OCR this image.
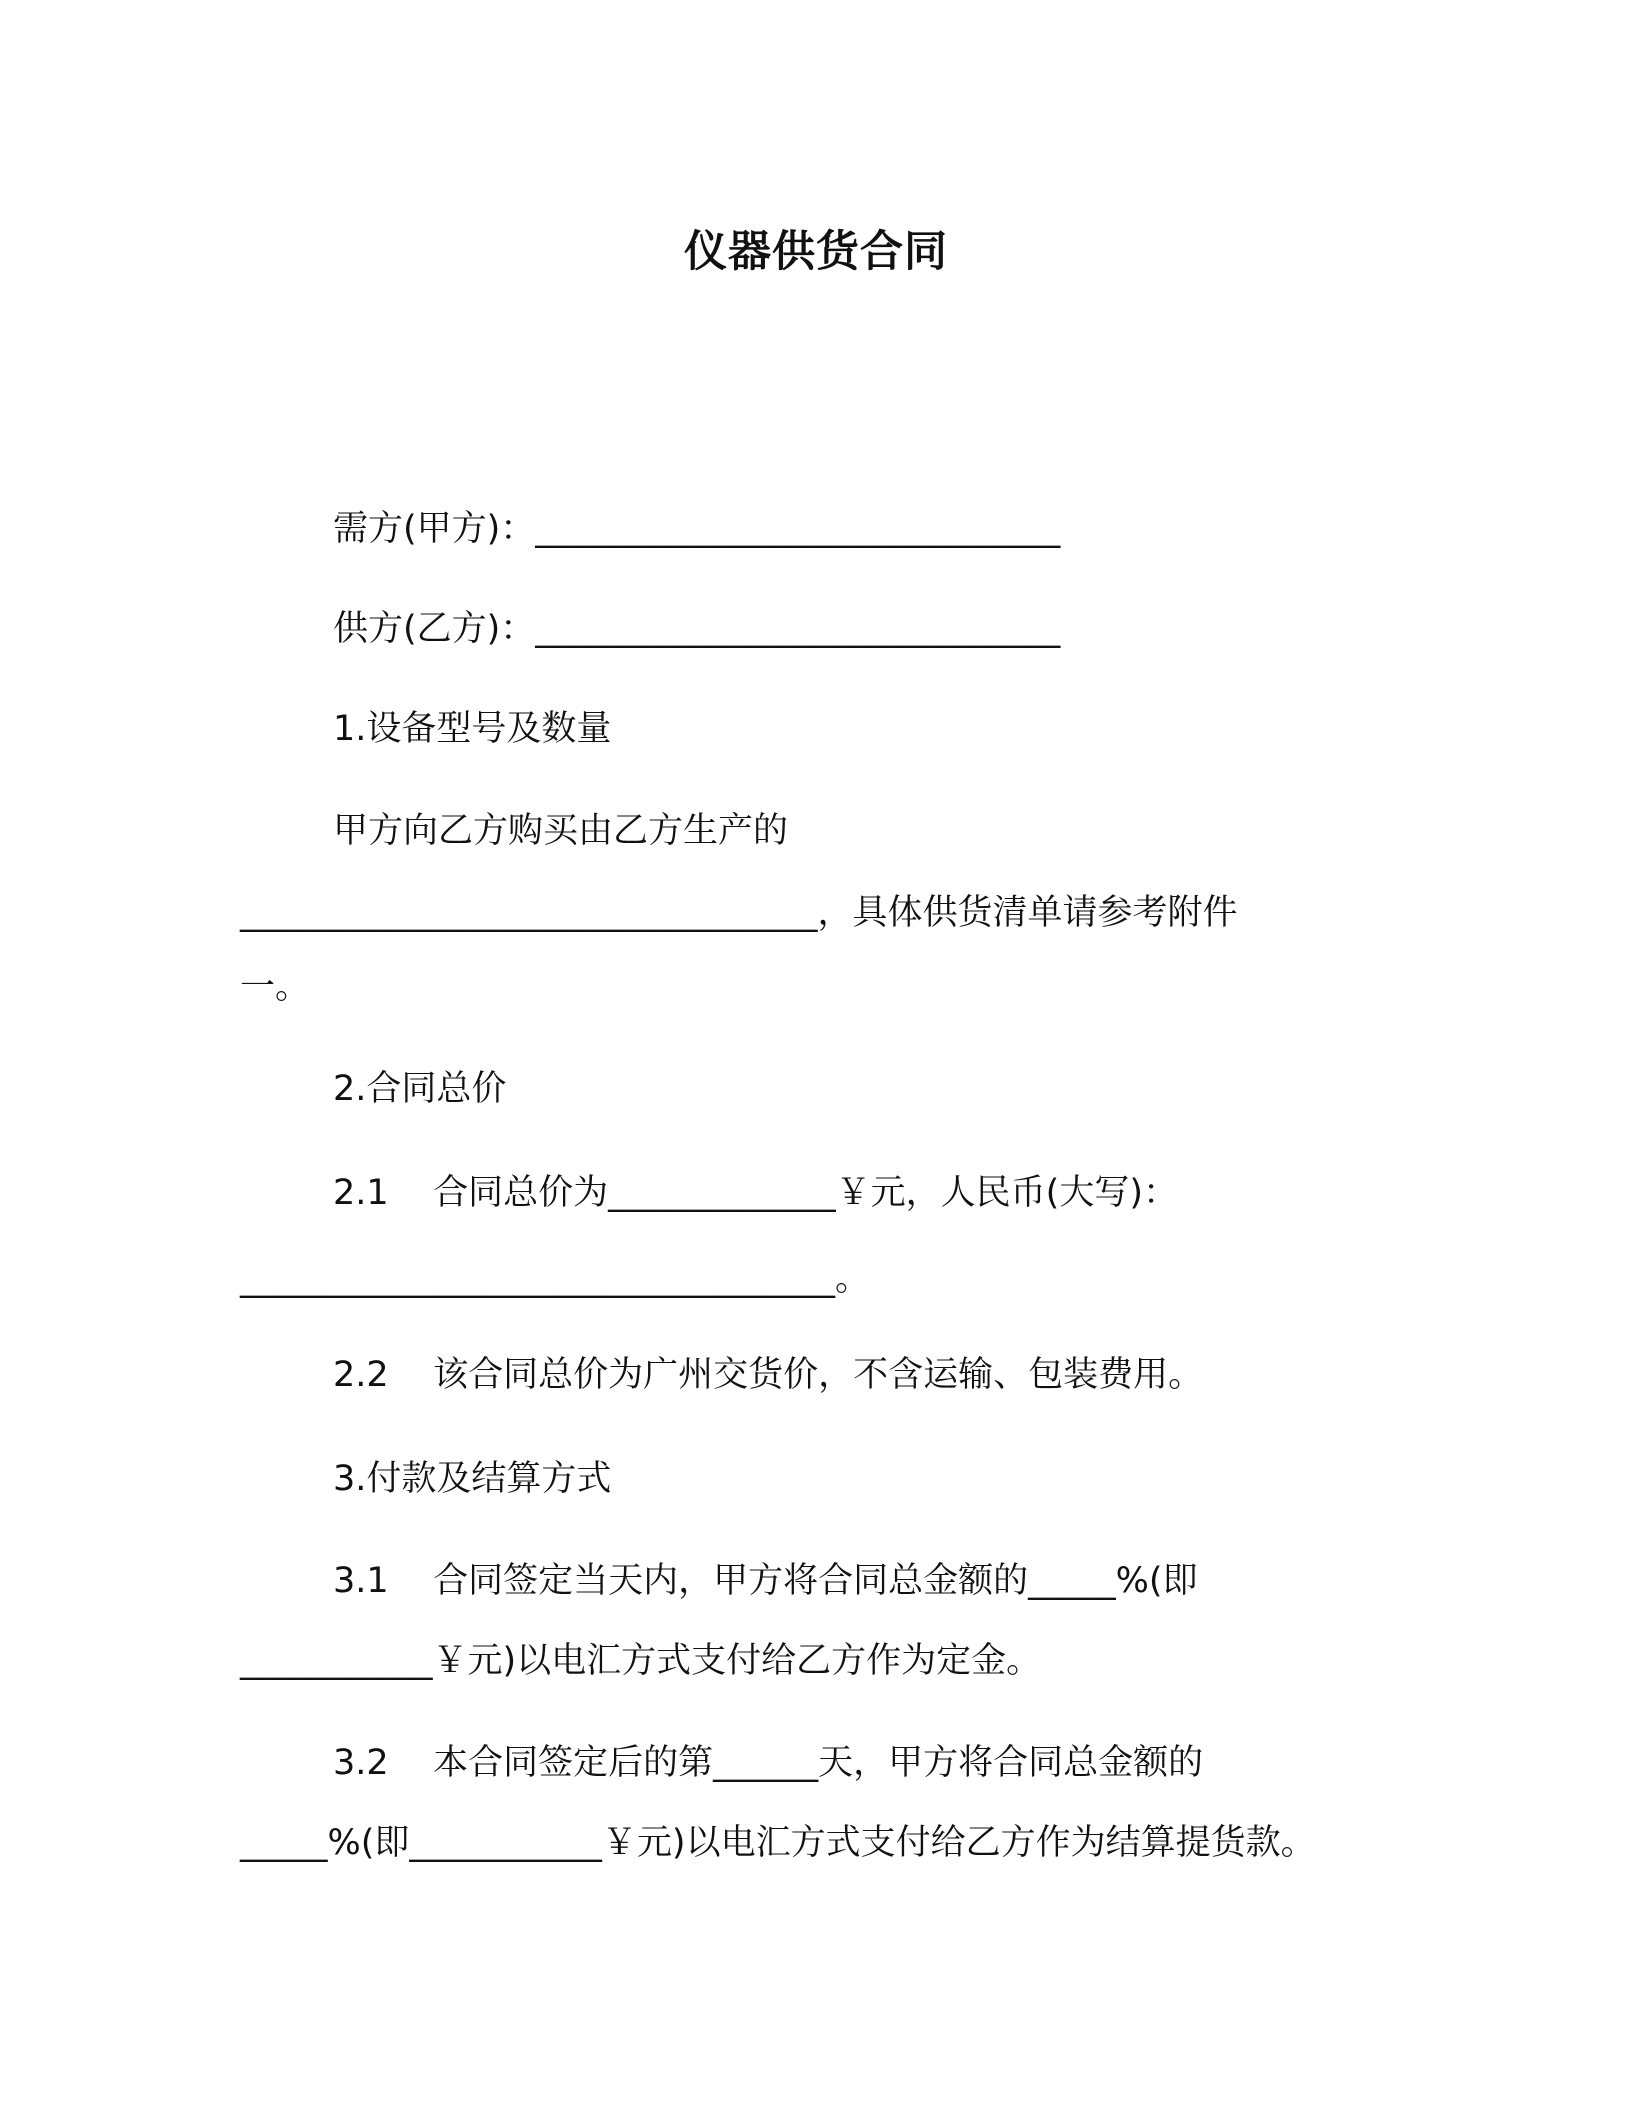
仪器供货合同

需方(甲方)：______________________________

供方(乙方)：______________________________

1.设备型号及数量

甲方向乙方购买由乙方生产的

_________________________________，具体供货清单请参考附件

一。

2.合同总价

2.1    合同总价为_____________￥元，人民币(大写)：

__________________________________。

2.2    该合同总价为广州交货价，不含运输、包装费用。

3.付款及结算方式

3.1    合同签定当天内，甲方将合同总金额的_____%(即

___________￥元)以电汇方式支付给乙方作为定金。

3.2    本合同签定后的第______天，甲方将合同总金额的

_____%(即___________￥元)以电汇方式支付给乙方作为结算提货款。
